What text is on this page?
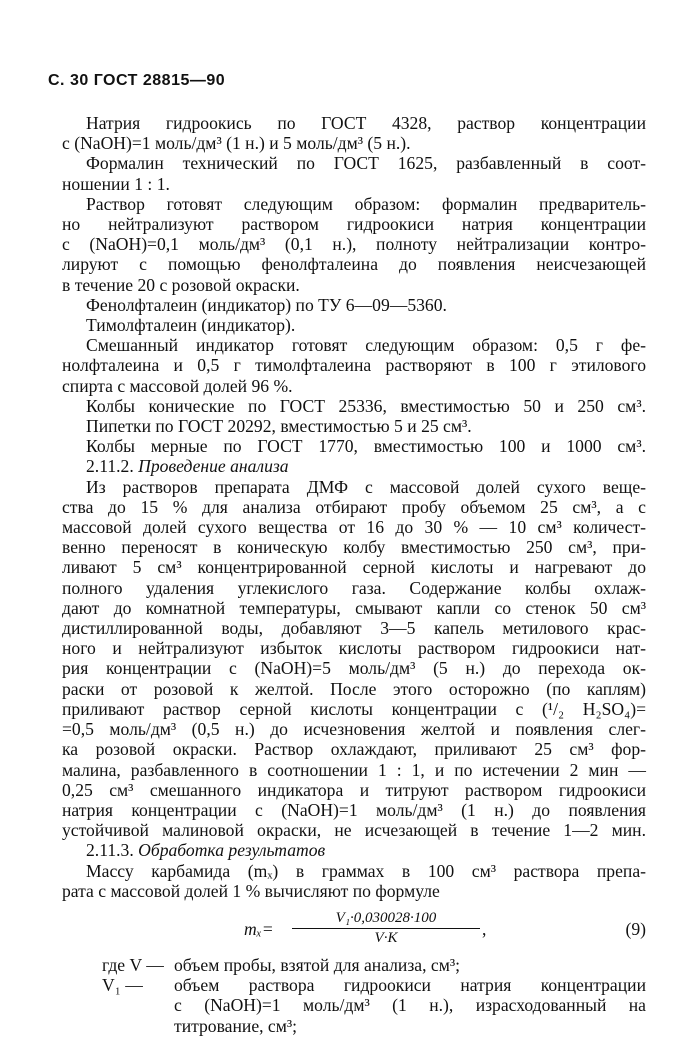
С. 30 ГОСТ 28815—90
Натрия гидроокись по ГОСТ 4328, раствор концентрации
c (NaOH)=1 моль/дм³ (1 н.) и 5 моль/дм³ (5 н.).
Формалин технический по ГОСТ 1625, разбавленный в соот-
ношении 1 : 1.
Раствор готовят следующим образом: формалин предваритель-
но нейтрализуют раствором гидроокиси натрия концентрации
c (NaOH)=0,1 моль/дм³ (0,1 н.), полноту нейтрализации контро-
лируют с помощью фенолфталеина до появления неисчезающей
в течение 20 с розовой окраски.
Фенолфталеин (индикатор) по ТУ 6—09—5360.
Тимолфталеин (индикатор).
Смешанный индикатор готовят следующим образом: 0,5 г фе-
нолфталеина и 0,5 г тимолфталеина растворяют в 100 г этилового
спирта с массовой долей 96 %.
Колбы конические по ГОСТ 25336, вместимостью 50 и 250 см³.
Пипетки по ГОСТ 20292, вместимостью 5 и 25 см³.
Колбы мерные по ГОСТ 1770, вместимостью 100 и 1000 см³.
2.11.2. Проведение анализа
Из растворов препарата ДМФ с массовой долей сухого веще-
ства до 15 % для анализа отбирают пробу объемом 25 см³, а с
массовой долей сухого вещества от 16 до 30 % — 10 см³ количест-
венно переносят в коническую колбу вместимостью 250 см³, при-
ливают 5 см³ концентрированной серной кислоты и нагревают до
полного удаления углекислого газа. Содержание колбы охлаж-
дают до комнатной температуры, смывают капли со стенок 50 см³
дистиллированной воды, добавляют 3—5 капель метилового крас-
ного и нейтрализуют избыток кислоты раствором гидроокиси нат-
рия концентрации c (NaOH)=5 моль/дм³ (5 н.) до перехода ок-
раски от розовой к желтой. После этого осторожно (по каплям)
приливают раствор серной кислоты концентрации c (¹/₂ H₂SO₄)=
=0,5 моль/дм³ (0,5 н.) до исчезновения желтой и появления слег-
ка розовой окраски. Раствор охлаждают, приливают 25 см³ фор-
малина, разбавленного в соотношении 1 : 1, и по истечении 2 мин —
0,25 см³ смешанного индикатора и титруют раствором гидроокиси
натрия концентрации c (NaOH)=1 моль/дм³ (1 н.) до появления
устойчивой малиновой окраски, не исчезающей в течение 1—2 мин.
2.11.3. Обработка результатов
Массу карбамида (mₓ) в граммах в 100 см³ раствора препа-
рата с массовой долей 1 % вычисляют по формуле
$m_x= \frac{\text{V₁·0,030028·100}}{V\cdot K}$ ,	(9)
где V — объем пробы, взятой для анализа, см³;
V₁ — объем раствора гидроокиси натрия концентрации
c (NaOH)=1 моль/дм³ (1 н.), израсходованный на
титрование, см³;
